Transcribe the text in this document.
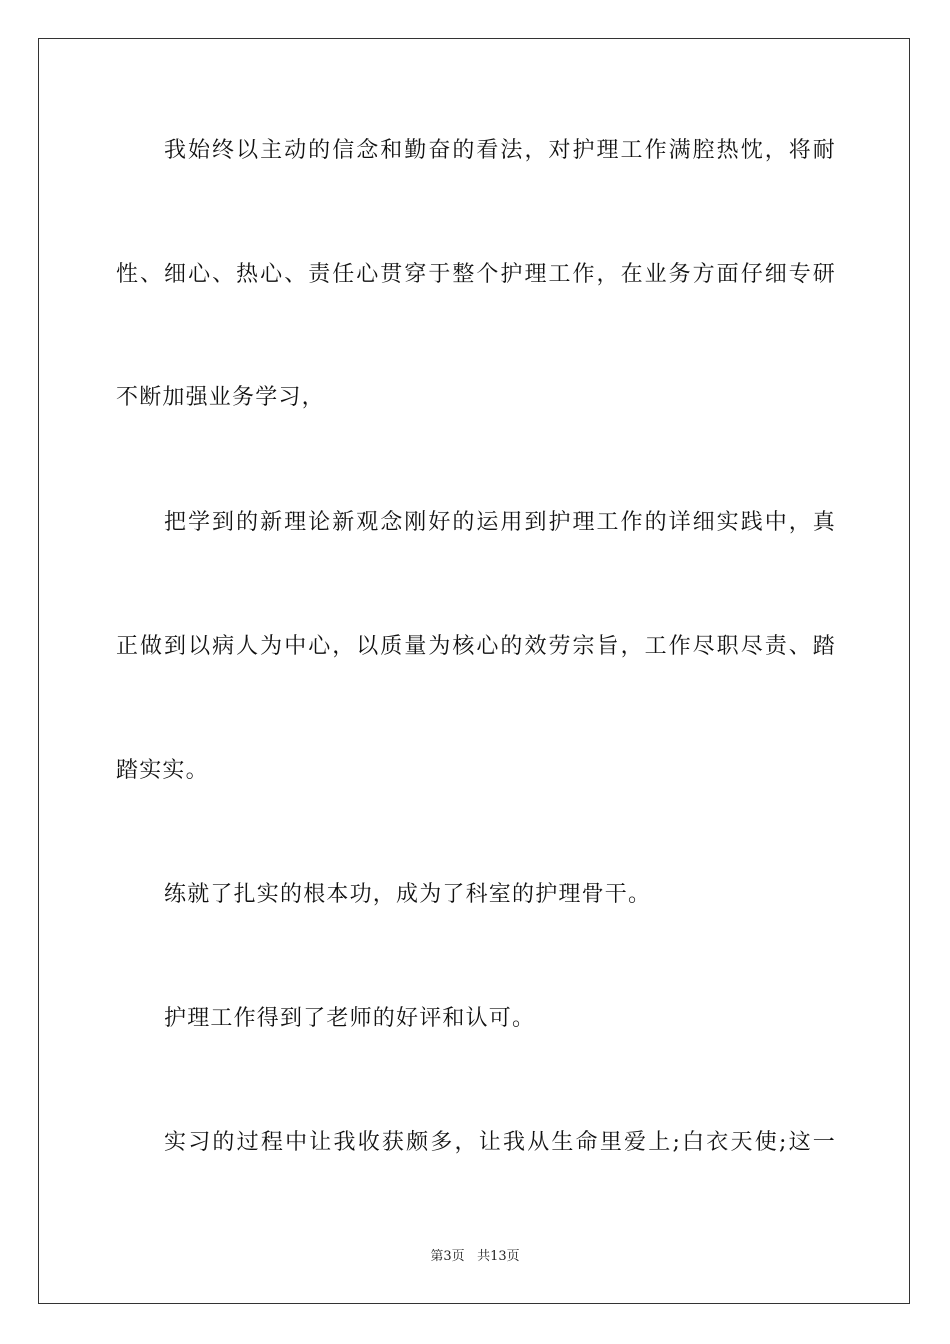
我始终以主动的信念和勤奋的看法，对护理工作满腔热忱，将耐
性、细心、热心、责任心贯穿于整个护理工作，在业务方面仔细专研
不断加强业务学习，
把学到的新理论新观念刚好的运用到护理工作的详细实践中，真
正做到以病人为中心，以质量为核心的效劳宗旨，工作尽职尽责、踏
踏实实。
练就了扎实的根本功，成为了科室的护理骨干。
护理工作得到了老师的好评和认可。
实习的过程中让我收获颇多，让我从生命里爱上;白衣天使;这一
第3页 共13页
